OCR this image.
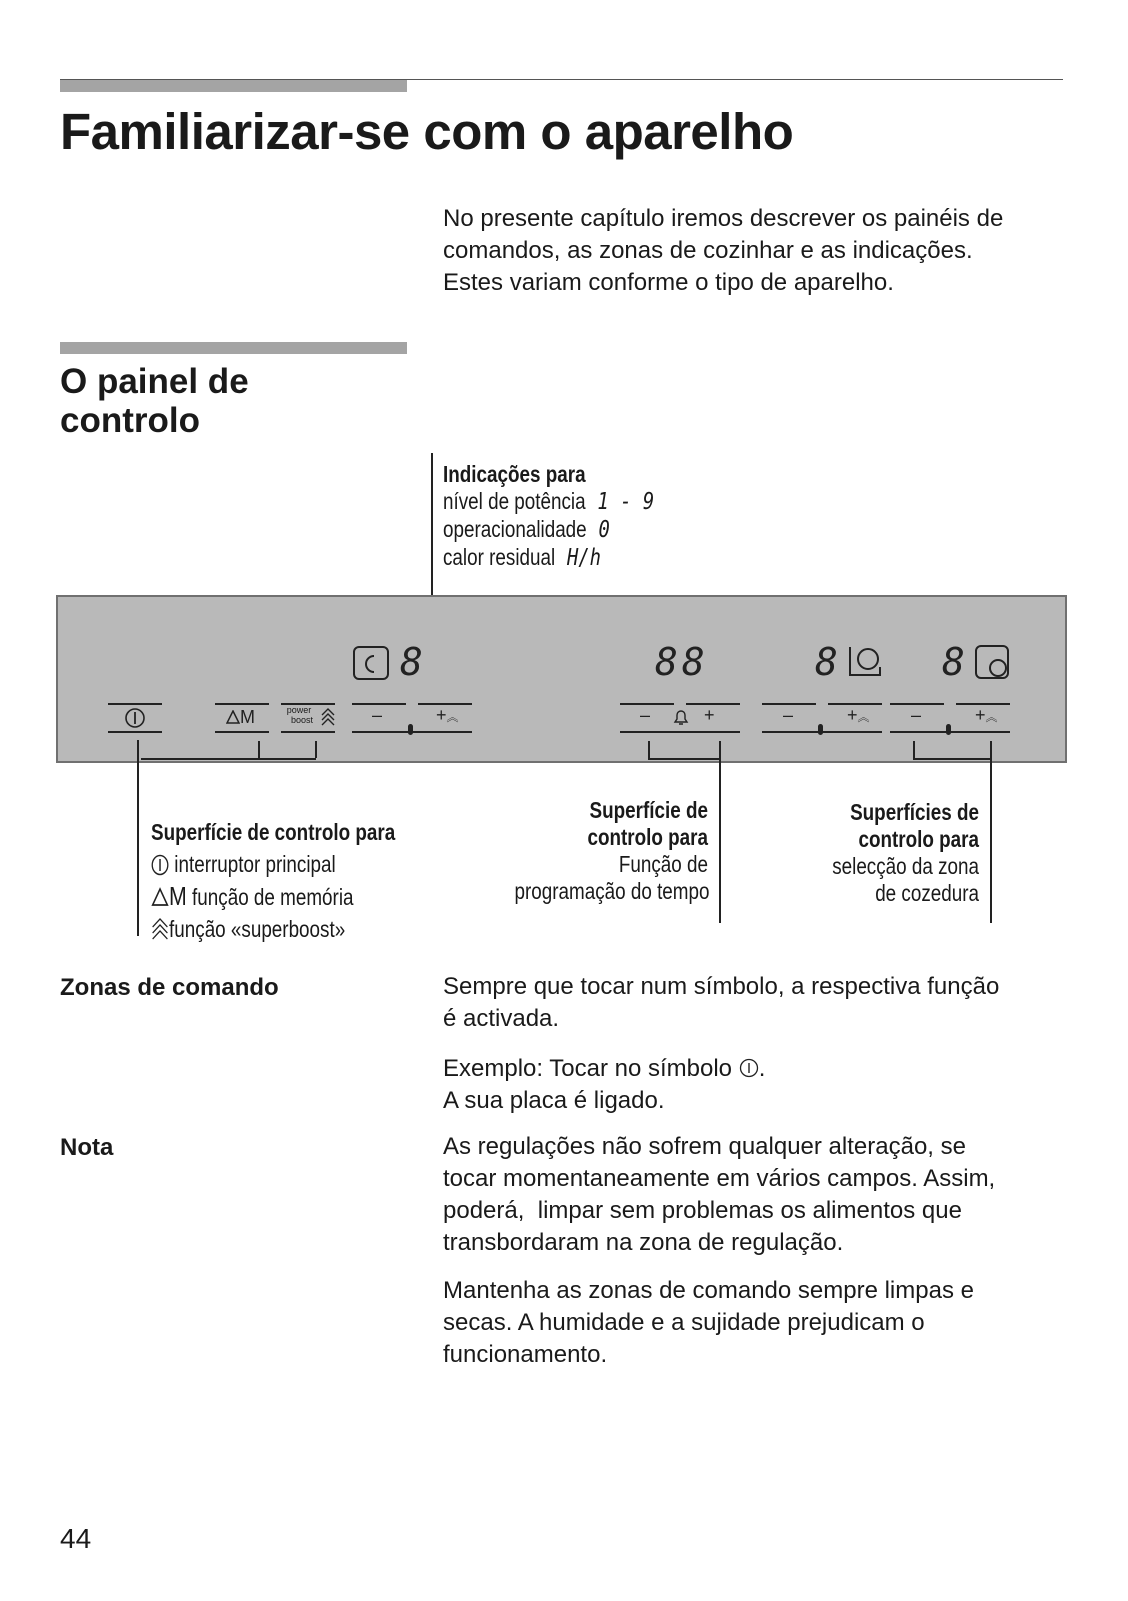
Familiarizar-se com o aparelho
No presente capítulo iremos descrever os painéis de
comandos, as zonas de cozinhar e as indicações.
Estes variam conforme o tipo de aparelho.
O painel de
controlo
Indicações para
nível de potência 1 - 9
operacionalidade 0
calor residual H/h
8	88	8	8
M	power
boost	–	+︽	–	+	–	+︽ –	+︽
Superfície de controlo para
interruptor principal
M função de memória
função «superboost»
Superfície de
controlo para
Função de
programação do tempo
Superfícies de
controlo para
selecção da zona
de cozedura
Zonas de comando	Sempre que tocar num símbolo, a respectiva função
é activada.
Exemplo: Tocar no símbolo .
A sua placa é ligado.
Nota	As regulações não sofrem qualquer alteração, se
tocar momentaneamente em vários campos. Assim,
poderá,  limpar sem problemas os alimentos que
transbordaram na zona de regulação.
Mantenha as zonas de comando sempre limpas e
secas. A humidade e a sujidade prejudicam o
funcionamento.
44
